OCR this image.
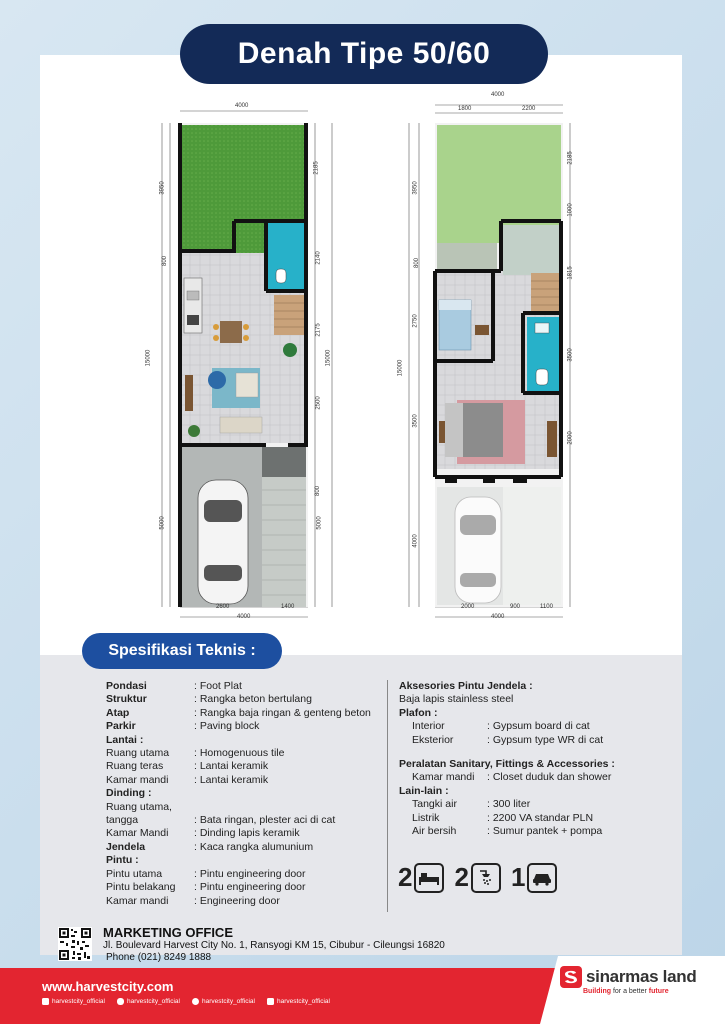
Denah Tipe 50/60
4000
15000	15000
3950
800
5000
2185
2140
2175
2500
800
5000
2600	1400
4000
4000
1800	2200
15000
3950
800
2750
3500
4000
2185
1000
1815
3500
2000
2000	900	1100
4000
Spesifikasi Teknis :
Pondasi	: Foot Plat
Struktur	: Rangka beton bertulang
Atap	: Rangka baja ringan & genteng beton
Parkir	: Paving block
Lantai :
Ruang utama	: Homogenuous tile
Ruang teras	: Lantai keramik
Kamar mandi	: Lantai keramik
Dinding :
Ruang utama,
tangga	: Bata ringan, plester aci di cat
Kamar Mandi	: Dinding lapis keramik
Jendela	: Kaca rangka alumunium
Pintu :
Pintu utama	: Pintu engineering door
Pintu belakang	: Pintu engineering door
Kamar mandi	: Engineering door
Aksesories Pintu Jendela :
Baja lapis stainless steel
Plafon :
Interior	: Gypsum board di cat
Eksterior	: Gypsum type WR di cat
Peralatan Sanitary, Fittings & Accessories :
Kamar mandi	: Closet duduk dan shower
Lain-lain :
Tangki air	: 300 liter
Listrik	: 2200 VA standar PLN
Air bersih	: Sumur pantek + pompa
2 2 1
MARKETING OFFICE
Jl. Boulevard Harvest City No. 1, Ransyogi KM 15, Cibubur - Cileungsi 16820
Phone (021) 8249 1888
www.harvestcity.com
harvestcity_official	harvestcity_official	harvestcity_official	harvestcity_official
sinarmas land
Building for a better future
